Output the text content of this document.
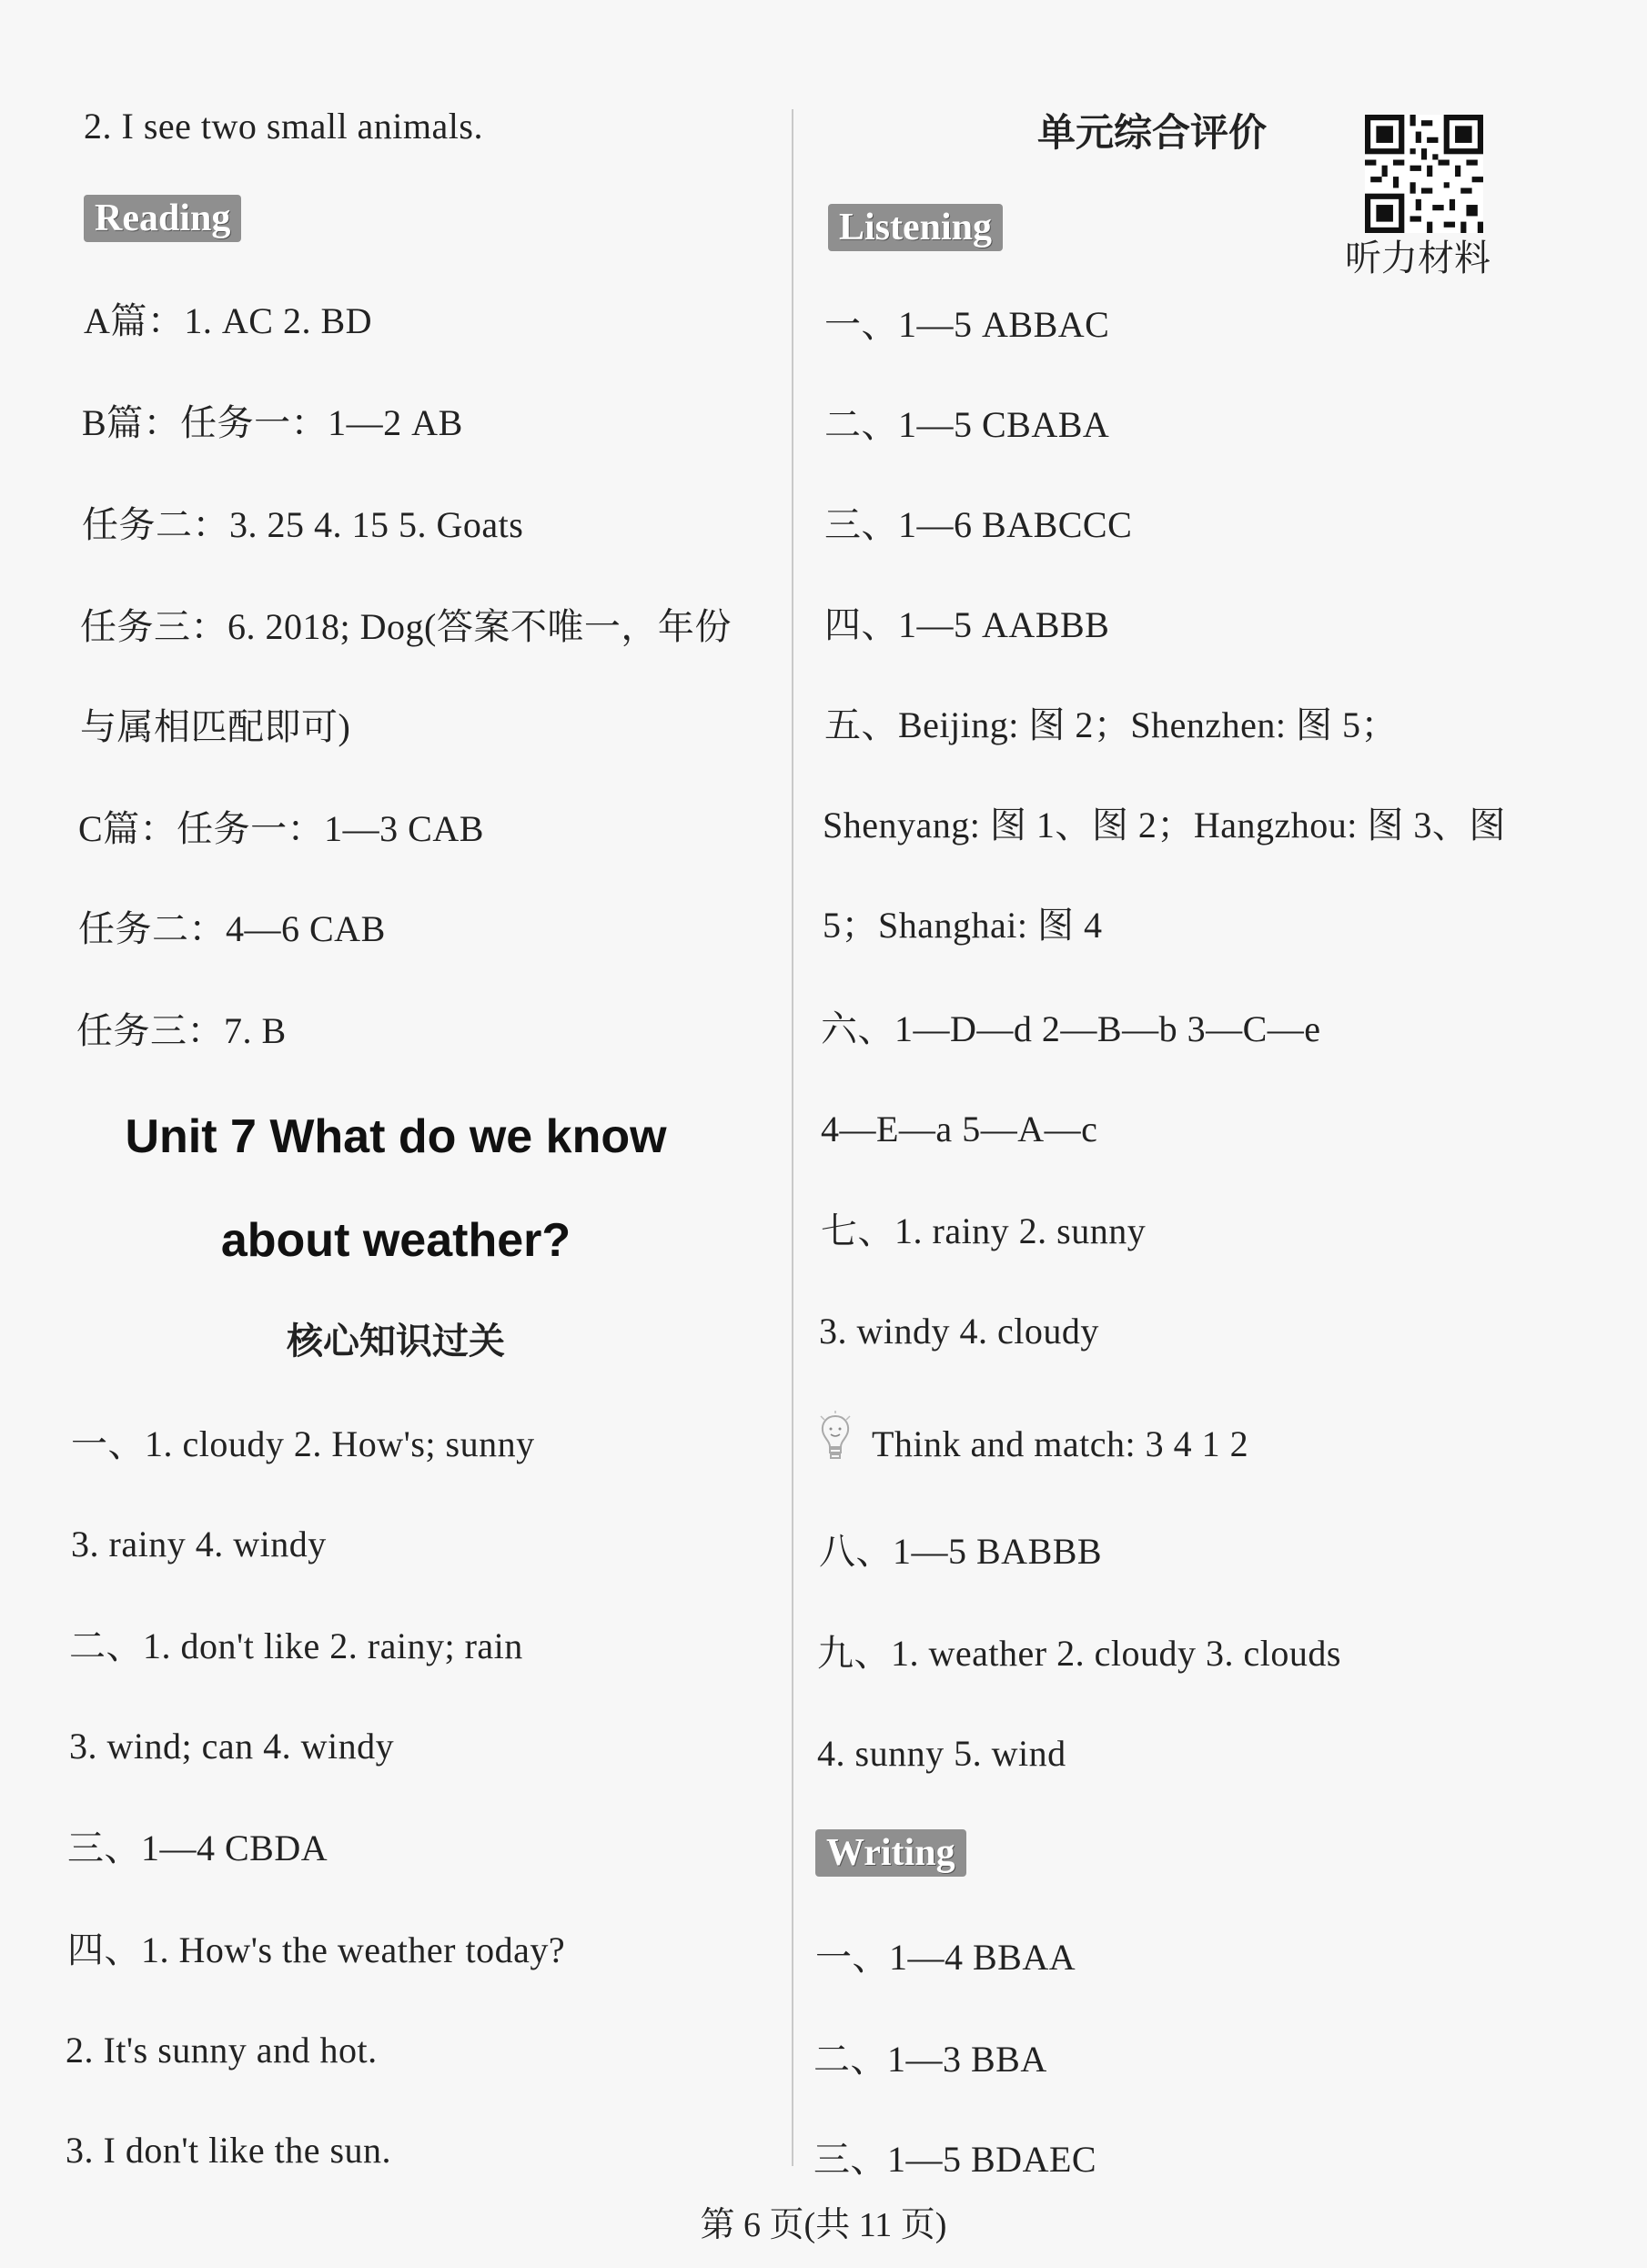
2. I see two small animals.
Reading
A篇：1. AC 2. BD
B篇：任务一：1—2 AB
任务二：3. 25 4. 15 5. Goats
任务三：6. 2018; Dog(答案不唯一，年份
与属相匹配即可)
C篇：任务一：1—3 CAB
任务二：4—6 CAB
任务三：7. B
Unit 7 What do we know
about weather?
核心知识过关
一、1. cloudy 2. How's; sunny
3. rainy 4. windy
二、1. don't like 2. rainy; rain
3. wind; can 4. windy
三、1—4 CBDA
四、1. How's the weather today?
2. It's sunny and hot.
3. I don't like the sun.
单元综合评价
听力材料
Listening
一、1—5 ABBAC
二、1—5 CBABA
三、1—6 BABCCC
四、1—5 AABBB
五、Beijing: 图 2；Shenzhen: 图 5；
Shenyang: 图 1、图 2；Hangzhou: 图 3、图
5；Shanghai: 图 4
六、1—D—d 2—B—b 3—C—e
4—E—a 5—A—c
七、1. rainy 2. sunny
3. windy 4. cloudy
Think and match: 3 4 1 2
八、1—5 BABBB
九、1. weather 2. cloudy 3. clouds
4. sunny 5. wind
Writing
一、1—4 BBAA
二、1—3 BBA
三、1—5 BDAEC
第 6 页(共 11 页)
